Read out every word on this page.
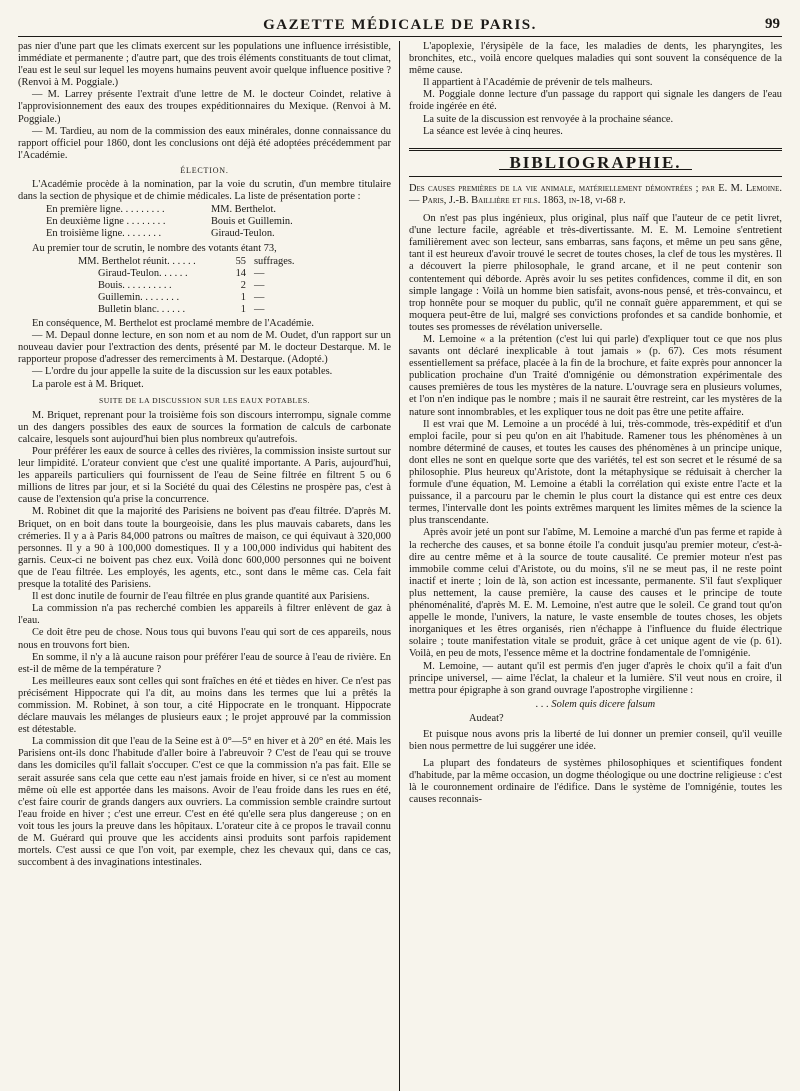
GAZETTE MÉDICALE DE PARIS.	99

pas nier d'une part que les climats exercent sur les populations une influence irrésistible, immédiate et permanente ; d'autre part, que des trois éléments constituants de tout climat, l'eau est le seul sur lequel les moyens humains peuvent avoir quelque influence positive ? (Renvoi à M. Poggiale.)

— M. Larrey présente l'extrait d'une lettre de M. le docteur Coindet, relative à l'approvisionnement des eaux des troupes expéditionnaires du Mexique. (Renvoi à M. Poggiale.)

— M. Tardieu, au nom de la commission des eaux minérales, donne connaissance du rapport officiel pour 1860, dont les conclusions ont déjà été adoptées précédemment par l'Académie.

ÉLECTION.

L'Académie procède à la nomination, par la voie du scrutin, d'un membre titulaire dans la section de physique et de chimie médicales. La liste de présentation porte :

En première ligne. . . . . . . . .	MM. Berthelot.
En deuxième ligne . . . . . . . .	Bouis et Guillemin.
En troisième ligne. . . . . . . .	Giraud-Teulon.

Au premier tour de scrutin, le nombre des votants étant 73,

MM. Berthelot réunit. . . . . .	55 suffrages.
Giraud-Teulon. . . . . .	14 —
Bouis. . . . . . . . . .	2 —
Guillemin. . . . . . . .	1 —
Bulletin blanc. . . . . .	1 —

En conséquence, M. Berthelot est proclamé membre de l'Académie.

— M. Depaul donne lecture, en son nom et au nom de M. Oudet, d'un rapport sur un nouveau davier pour l'extraction des dents, présenté par M. le docteur Destarque. M. le rapporteur propose d'adresser des remerciments à M. Destarque. (Adopté.)

— L'ordre du jour appelle la suite de la discussion sur les eaux potables.

La parole est à M. Briquet.

SUITE DE LA DISCUSSION SUR LES EAUX POTABLES.

M. Briquet, reprenant pour la troisième fois son discours interrompu, signale comme un des dangers possibles des eaux de sources la formation de calculs de carbonate calcaire, lesquels sont aujourd'hui bien plus nombreux qu'autrefois.

Pour préférer les eaux de source à celles des rivières, la commission insiste surtout sur leur limpidité. L'orateur convient que c'est une qualité importante. A Paris, aujourd'hui, les appareils particuliers qui fournissent de l'eau de Seine filtrée en filtrent 5 ou 6 millions de litres par jour, et si la Société du quai des Célestins ne prospère pas, c'est à cause de l'extension qu'a prise la concurrence.

M. Robinet dit que la majorité des Parisiens ne boivent pas d'eau filtrée. D'après M. Briquet, on en boit dans toute la bourgeoisie, dans les plus mauvais cabarets, dans les crémeries. Il y a à Paris 84,000 patrons ou maîtres de maison, ce qui équivaut à 320,000 personnes. Il y a 90 à 100,000 domestiques. Il y a 100,000 individus qui habitent des garnis. Ceux-ci ne boivent pas chez eux. Voilà donc 600,000 personnes qui ne boivent que de l'eau filtrée. Les employés, les agents, etc., sont dans le même cas. Cela fait presque la totalité des Parisiens.

Il est donc inutile de fournir de l'eau filtrée en plus grande quantité aux Parisiens.

La commission n'a pas recherché combien les appareils à filtrer enlèvent de gaz à l'eau.

Ce doit être peu de chose. Nous tous qui buvons l'eau qui sort de ces appareils, nous nous en trouvons fort bien.

En somme, il n'y a là aucune raison pour préférer l'eau de source à l'eau de rivière. En est-il de même de la température ?

Les meilleures eaux sont celles qui sont fraîches en été et tièdes en hiver. Ce n'est pas précisément Hippocrate qui l'a dit, au moins dans les termes que lui a prêtés la commission. M. Robinet, à son tour, a cité Hippocrate en le tronquant. Hippocrate déclare mauvais les mélanges de plusieurs eaux ; le projet approuvé par la commission est détestable.

La commission dit que l'eau de la Seine est à 0°—5° en hiver et à 20° en été. Mais les Parisiens ont-ils donc l'habitude d'aller boire à l'abreuvoir ? C'est de l'eau qui se trouve dans les domiciles qu'il fallait s'occuper. C'est ce que la commission n'a pas fait. Elle se serait assurée sans cela que cette eau n'est jamais froide en hiver, si ce n'est au moment même où elle est apportée dans les maisons. Avoir de l'eau froide dans les rues en été, c'est faire courir de grands dangers aux ouvriers. La commission semble craindre surtout l'eau froide en hiver ; c'est une erreur. C'est en été qu'elle sera plus dangereuse ; on en voit tous les jours la preuve dans les hôpitaux. L'orateur cite à ce propos le travail connu de M. Guérard qui prouve que les accidents ainsi produits sont parfois rapidement mortels. C'est aussi ce que l'on voit, par exemple, chez les chevaux qui, dans ce cas, succombent à des invaginations intestinales.

L'apoplexie, l'érysipèle de la face, les maladies de dents, les pharyngites, les bronchites, etc., voilà encore quelques maladies qui sont souvent la conséquence de la même cause.

Il appartient à l'Académie de prévenir de tels malheurs.

M. Poggiale donne lecture d'un passage du rapport qui signale les dangers de l'eau froide ingérée en été.

La suite de la discussion est renvoyée à la prochaine séance.

La séance est levée à cinq heures.

BIBLIOGRAPHIE.

Des causes premières de la vie animale, matériellement démontrées ; par E. M. Lemoine. — Paris, J.-B. Baillière et fils. 1863, in-18, vi-68 p.

On n'est pas plus ingénieux, plus original, plus naïf que l'auteur de ce petit livret, d'une lecture facile, agréable et très-divertissante. M. E. M. Lemoine s'entretient familièrement avec son lecteur, sans embarras, sans façons, et même un peu sans gêne, tant il est heureux d'avoir trouvé le secret de toutes choses, la clef de tous les mystères. Il a découvert la pierre philosophale, le grand arcane, et il ne peut contenir son contentement qui déborde. Après avoir lu ses petites confidences, comme il dit, en son simple langage : Voilà un homme bien satisfait, avons-nous pensé, et très-convaincu, et trop honnête pour se moquer du public, qu'il ne connaît guère apparemment, et qui se moquera peut-être de lui, malgré ses convictions profondes et sa candide bonhomie, et toutes ses promesses de révélation universelle.

M. Lemoine « a la prétention (c'est lui qui parle) d'expliquer tout ce que nos plus savants ont déclaré inexplicable à tout jamais » (p. 67). Ces mots résument essentiellement sa préface, placée à la fin de la brochure, et faite exprès pour annoncer la publication prochaine d'un Traité d'omnigénie ou démonstration expérimentale des causes premières de tous les mystères de la nature. L'ouvrage sera en plusieurs volumes, et l'on n'en indique pas le nombre ; mais il ne saurait être restreint, car les mystères de la nature sont innombrables, et les expliquer tous ne doit pas être une petite affaire.

Il est vrai que M. Lemoine a un procédé à lui, très-commode, très-expéditif et d'un emploi facile, pour si peu qu'on en ait l'habitude. Ramener tous les phénomènes à un nombre déterminé de causes, et toutes les causes des phénomènes à un principe unique, dont elles ne sont en quelque sorte que des variétés, tel est son secret et le résumé de sa philosophie. Plus heureux qu'Aristote, dont la métaphysique se réduisait à chercher la formule d'une équation, M. Lemoine a établi la corrélation qui existe entre l'acte et la puissance, il a parcouru par le chemin le plus court la distance qui est entre ces deux termes, l'intervalle dont les points extrêmes marquent les limites mêmes de la science la plus transcendante.

Après avoir jeté un pont sur l'abîme, M. Lemoine a marché d'un pas ferme et rapide à la recherche des causes, et sa bonne étoile l'a conduit jusqu'au premier moteur, c'est-à-dire au centre même et à la source de toute causalité. Ce premier moteur n'est pas immobile comme celui d'Aristote, ou du moins, s'il ne se meut pas, il ne reste point inactif et inerte ; loin de là, son action est incessante, permanente. S'il faut s'expliquer plus nettement, la cause première, la cause des causes et le principe de toute phénoménalité, d'après M. E. M. Lemoine, n'est autre que le soleil. Ce grand tout qu'on appelle le monde, l'univers, la nature, le vaste ensemble de toutes choses, les objets inorganiques et les êtres organisés, rien n'échappe à l'influence du fluide électrique solaire ; toute manifestation vitale se produit, grâce à cet unique agent de vie (p. 61). Voilà, en peu de mots, l'essence même et la doctrine fondamentale de l'omnigénie.

M. Lemoine, — autant qu'il est permis d'en juger d'après le choix qu'il a fait d'un principe universel, — aime l'éclat, la chaleur et la lumière. S'il veut nous en croire, il mettra pour épigraphe à son grand ouvrage l'apostrophe virgilienne :

. . . Solem quis dicere falsum
Audeat?

Et puisque nous avons pris la liberté de lui donner un premier conseil, qu'il veuille bien nous permettre de lui suggérer une idée.

La plupart des fondateurs de systèmes philosophiques et scientifiques fondent d'habitude, par la même occasion, un dogme théologique ou une doctrine religieuse : c'est là le couronnement ordinaire de l'édifice. Dans le système de l'omnigénie, toutes les causes reconnais-
